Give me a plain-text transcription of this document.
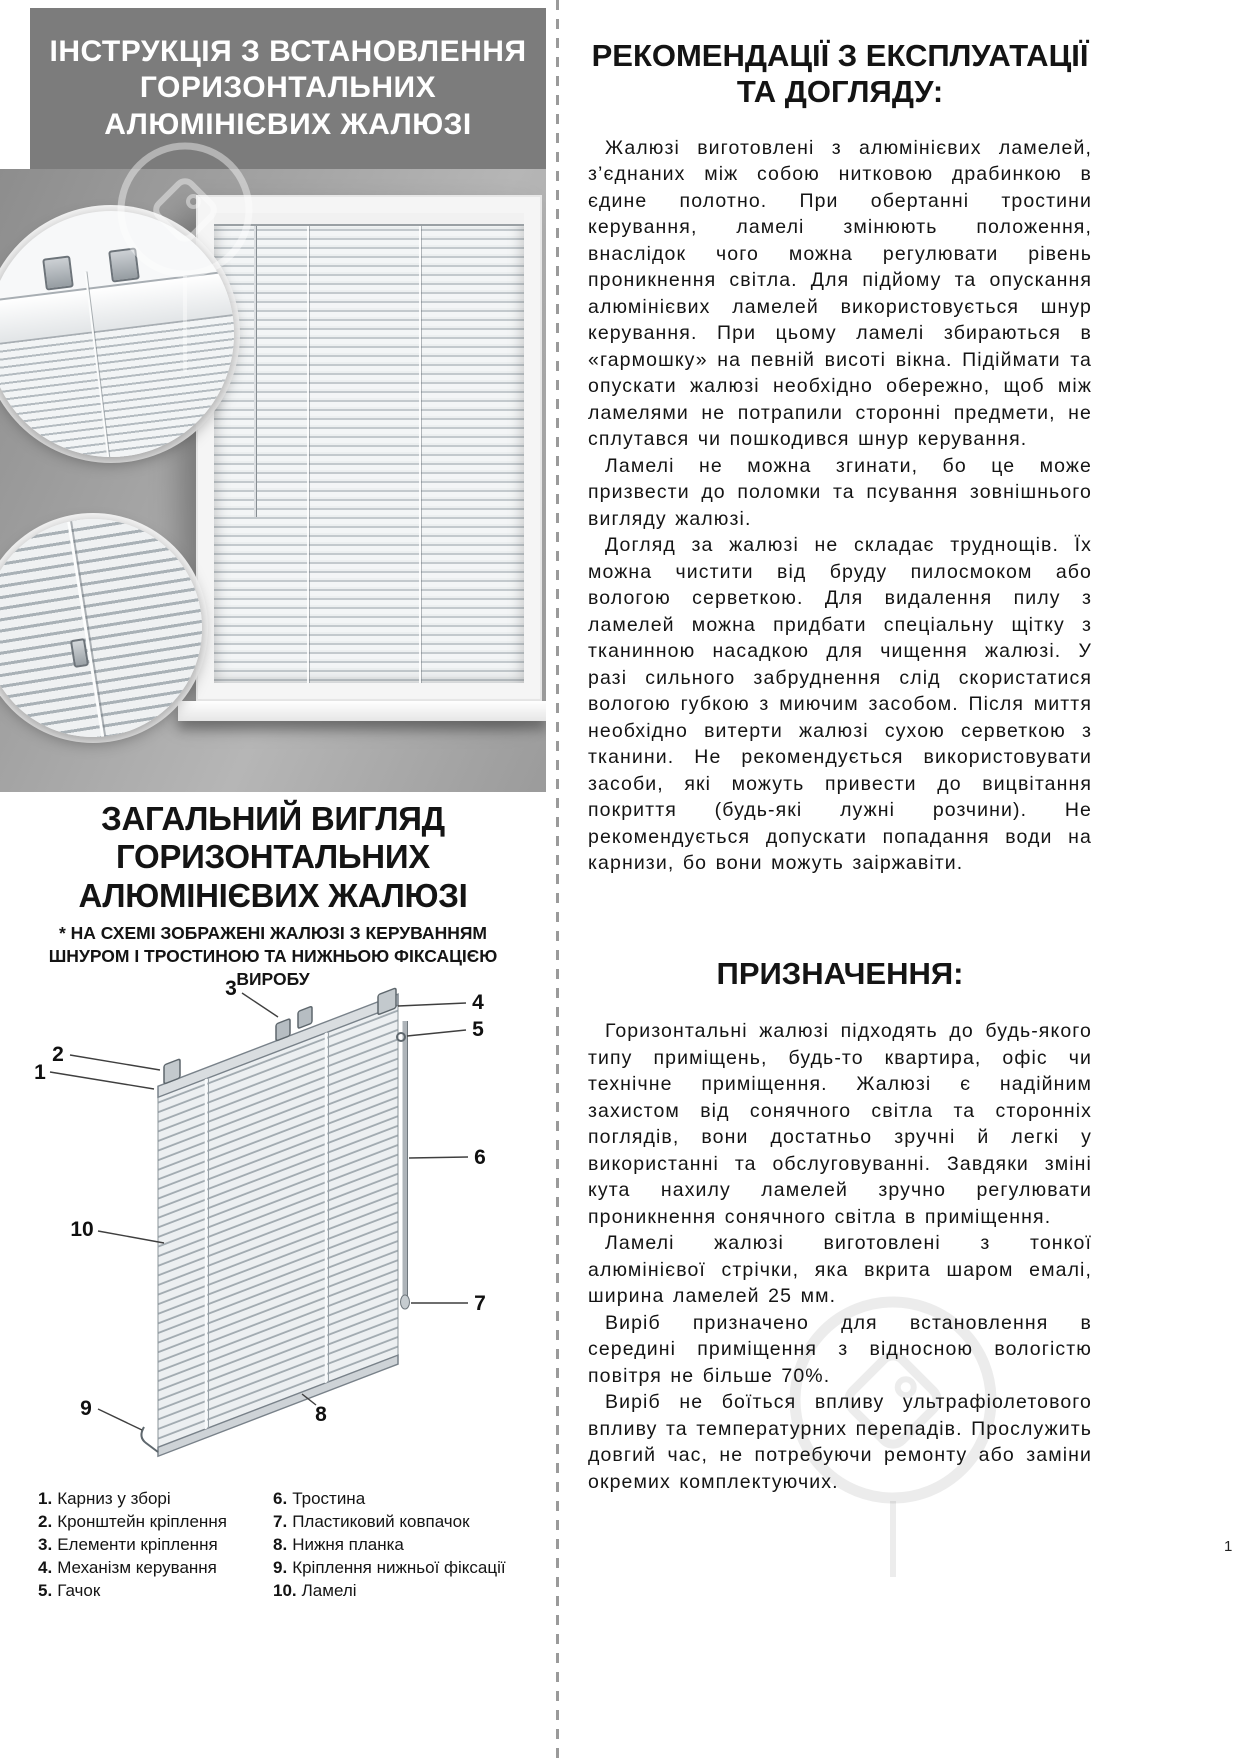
ІНСТРУКЦІЯ З ВСТАНОВЛЕННЯ ГОРИЗОНТАЛЬНИХ АЛЮМІНІЄВИХ ЖАЛЮЗІ
ЗАГАЛЬНИЙ ВИГЛЯД ГОРИЗОНТАЛЬНИХ АЛЮМІНІЄВИХ ЖАЛЮЗІ
* НА СХЕМІ ЗОБРАЖЕНІ ЖАЛЮЗІ З КЕРУВАННЯМ ШНУРОМ І ТРОСТИНОЮ ТА НИЖНЬОЮ ФІКСАЦІЄЮ ВИРОБУ
1
2
3
4
5
6
7
8
9
10
1. Карниз у зборі
2. Кронштейн кріплення
3. Елементи кріплення
4. Механізм керування
5. Гачок
6. Тростина
7. Пластиковий ковпачок
8. Нижня планка
9. Кріплення нижньої фіксації
10. Ламелі
РЕКОМЕНДАЦІЇ З ЕКСПЛУАТАЦІЇ ТА ДОГЛЯДУ:

Жалюзі виготовлені з алюмінієвих ламелей, з’єднаних між собою нитковою драбинкою в єдине полотно. При обертанні тростини керування, ламелі змінюють положення, внаслідок чого можна регулювати рівень проникнення світла. Для підйому та опускання алюмінієвих ламелей використовується шнур керування. При цьому ламелі збираються в «гармошку» на певній висоті вікна. Підіймати та опускати жалюзі необхідно обережно, щоб між ламелями не потрапили сторонні предмети, не сплутався чи пошкодився шнур керування.

Ламелі не можна згинати, бо це може призвести до поломки та псування зовнішнього вигляду жалюзі.

Догляд за жалюзі не складає труднощів. Їх можна чистити від бруду пилосмоком або вологою серветкою. Для видалення пилу з ламелей можна придбати спеціальну щітку з тканинною насадкою для чищення жалюзі. У разі сильного забруднення слід скористатися вологою губкою з миючим засобом. Після миття необхідно витерти жалюзі сухою серветкою з тканини. Не рекомендується використовувати засоби, які можуть привести до вицвітання покриття (будь-які лужні розчини). Не рекомендується допускати попадання води на карнизи, бо вони можуть заіржавіти.

ПРИЗНАЧЕННЯ:

Горизонтальні жалюзі підходять до будь-якого типу приміщень, будь-то квартира, офіс чи технічне приміщення. Жалюзі є надійним захистом від сонячного світла та сторонніх поглядів, вони достатньо зручні й легкі у використанні та обслуговуванні. Завдяки зміні кута нахилу ламелей зручно регулювати проникнення сонячного світла в приміщення.

Ламелі жалюзі виготовлені з тонкої алюмінієвої стрічки, яка вкрита шаром емалі, ширина ламелей 25 мм.

Виріб призначено для встановлення в середині приміщення з відносною вологістю повітря не більше 70%.

Виріб не боїться впливу ультрафіолетового впливу та температурних перепадів. Прослужить довгий час, не потребуючи ремонту або заміни окремих комплектуючих.

1
